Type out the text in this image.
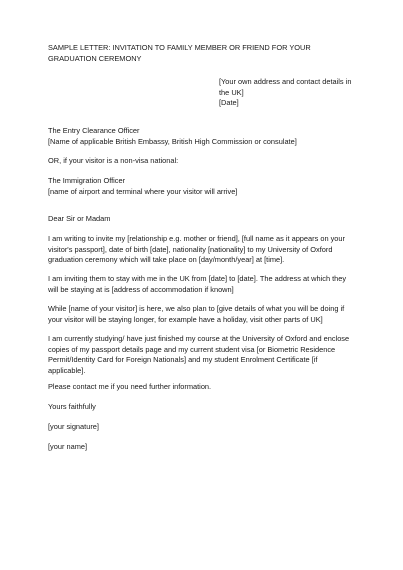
SAMPLE LETTER: INVITATION TO FAMILY MEMBER OR FRIEND FOR YOUR
GRADUATION CEREMONY
[Your own address and contact details in
the UK]
[Date]
The Entry Clearance Officer
[Name of applicable British Embassy, British High Commission or consulate]
OR, if your visitor is a non-visa national:
The Immigration Officer
[name of airport and terminal where your visitor will arrive]
Dear Sir or Madam
I am writing to invite my [relationship e.g. mother or friend], [full name as it appears on your
visitor's passport], date of birth [date], nationality [nationality] to my University of Oxford
graduation ceremony which will take place on [day/month/year] at [time].
I am inviting them to stay with me in the UK from [date] to [date]. The address at which they
will be staying at is [address of accommodation if known]
While [name of your visitor] is here, we also plan to [give details of what you will be doing if
your visitor will be staying longer, for example have a holiday, visit other parts of UK]
I am currently studying/ have just finished my course at the University of Oxford and enclose
copies of my passport details page and my current student visa [or Biometric Residence
Permit/Identity Card for Foreign Nationals] and my student Enrolment Certificate [if
applicable].
Please contact me if you need further information.
Yours faithfully
[your signature]
[your name]
